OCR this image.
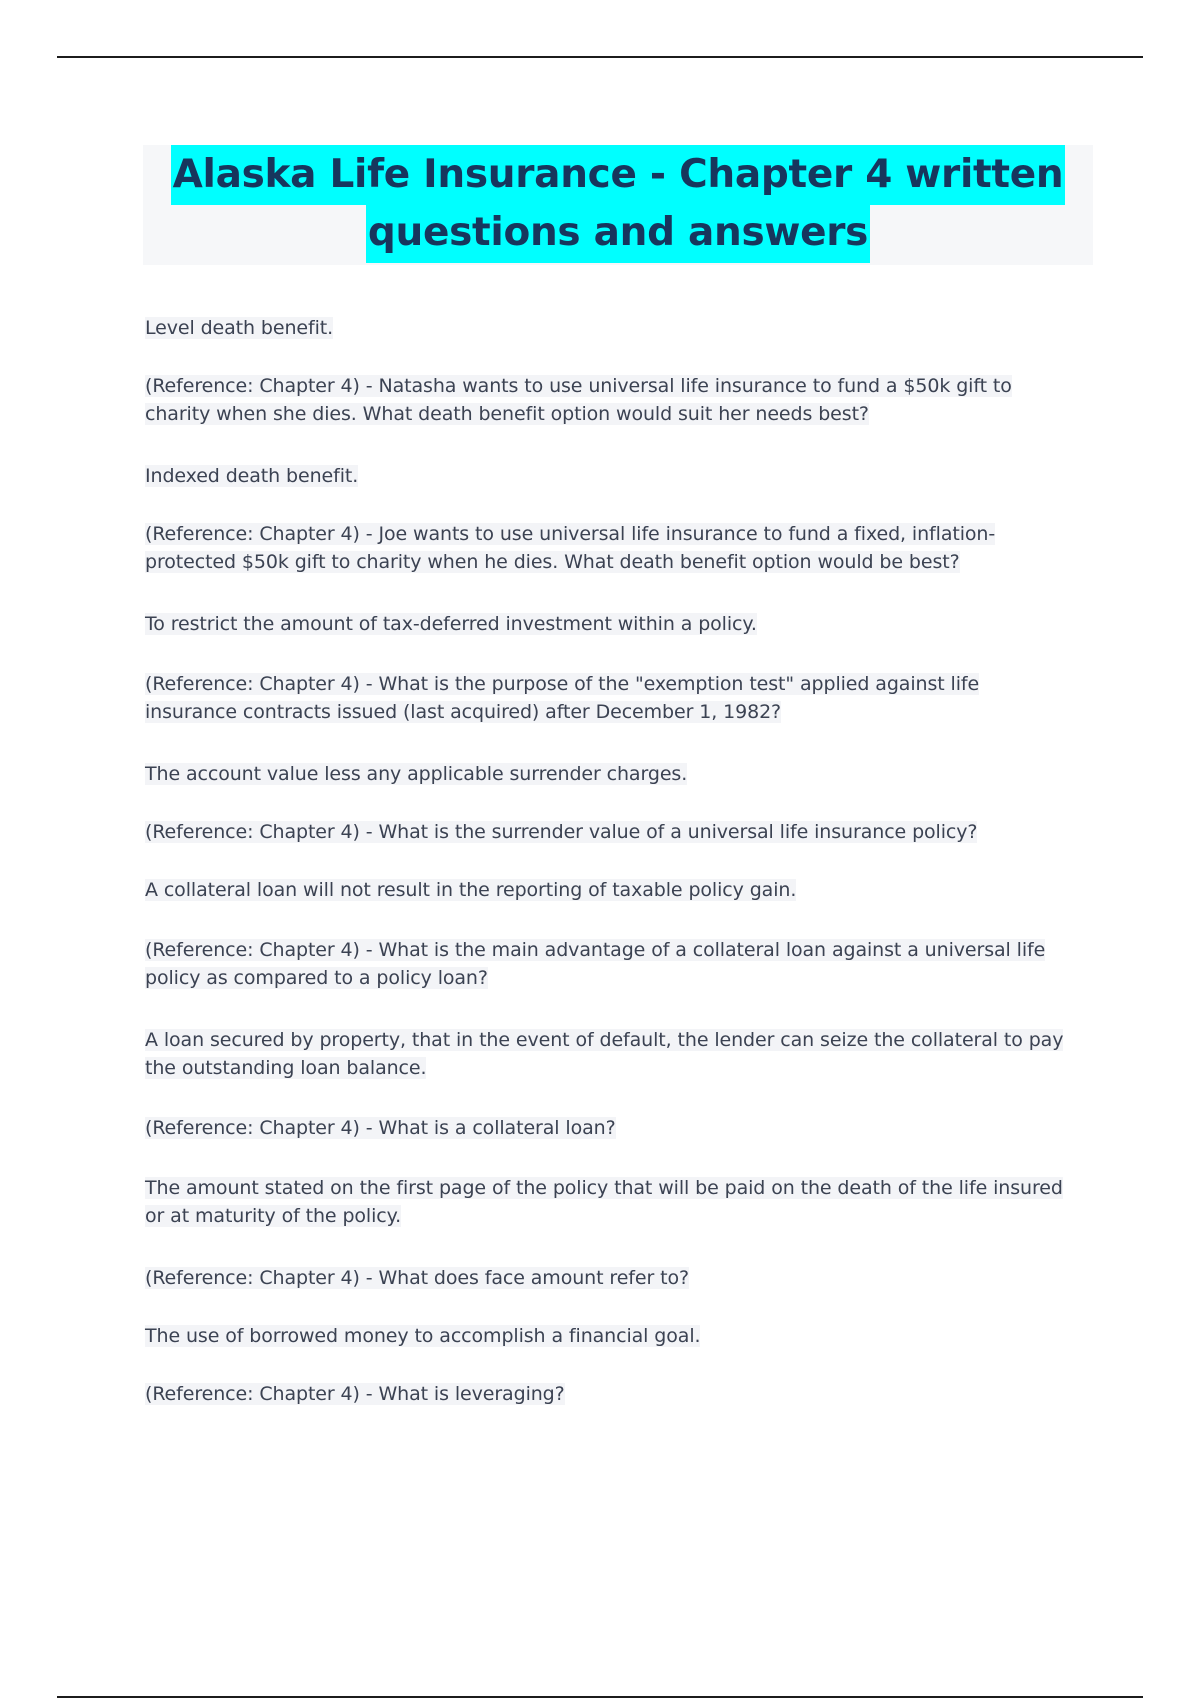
Alaska Life Insurance - Chapter 4 written
questions and answers

Level death benefit.

(Reference: Chapter 4) - Natasha wants to use universal life insurance to fund a $50k gift to charity when she dies. What death benefit option would suit her needs best?

Indexed death benefit.

(Reference: Chapter 4) - Joe wants to use universal life insurance to fund a fixed, inflation-protected $50k gift to charity when he dies. What death benefit option would be best?

To restrict the amount of tax-deferred investment within a policy.

(Reference: Chapter 4) - What is the purpose of the "exemption test" applied against life insurance contracts issued (last acquired) after December 1, 1982?

The account value less any applicable surrender charges.

(Reference: Chapter 4) - What is the surrender value of a universal life insurance policy?

A collateral loan will not result in the reporting of taxable policy gain.

(Reference: Chapter 4) - What is the main advantage of a collateral loan against a universal life policy as compared to a policy loan?

A loan secured by property, that in the event of default, the lender can seize the collateral to pay the outstanding loan balance.

(Reference: Chapter 4) - What is a collateral loan?

The amount stated on the first page of the policy that will be paid on the death of the life insured or at maturity of the policy.

(Reference: Chapter 4) - What does face amount refer to?

The use of borrowed money to accomplish a financial goal.

(Reference: Chapter 4) - What is leveraging?
